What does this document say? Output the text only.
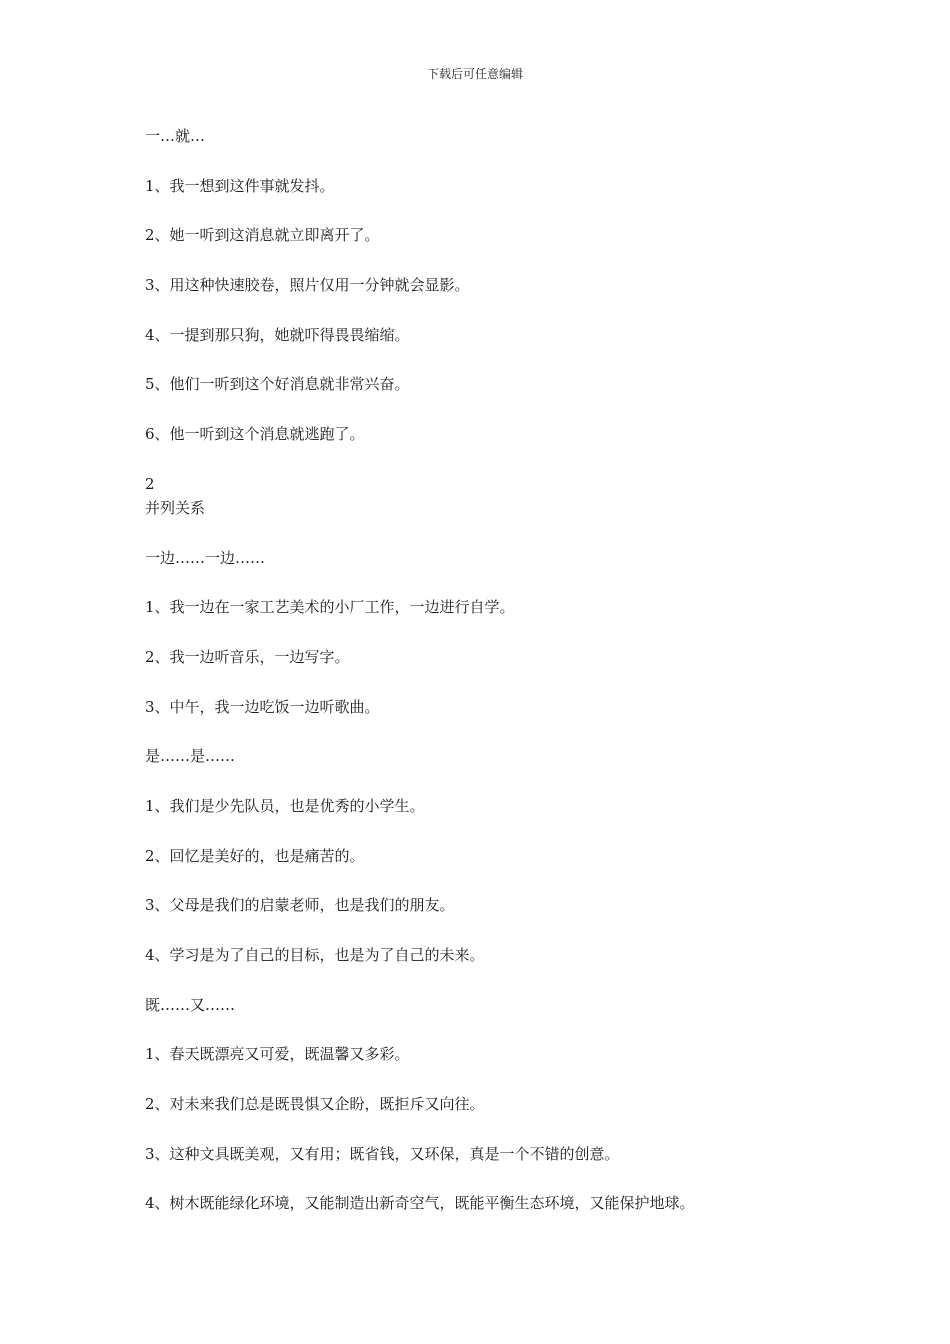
下载后可任意编辑
一…就…
1、我一想到这件事就发抖。
2、她一听到这消息就立即离开了。
3、用这种快速胶卷，照片仅用一分钟就会显影。
4、一提到那只狗，她就吓得畏畏缩缩。
5、他们一听到这个好消息就非常兴奋。
6、他一听到这个消息就逃跑了。
2
并列关系
一边……一边……
1、我一边在一家工艺美术的小厂工作，一边进行自学。
2、我一边听音乐，一边写字。
3、中午，我一边吃饭一边听歌曲。
是……是……
1、我们是少先队员，也是优秀的小学生。
2、回忆是美好的，也是痛苦的。
3、父母是我们的启蒙老师，也是我们的朋友。
4、学习是为了自己的目标，也是为了自己的未来。
既……又……
1、春天既漂亮又可爱，既温馨又多彩。
2、对未来我们总是既畏惧又企盼，既拒斥又向往。
3、这种文具既美观，又有用；既省钱，又环保，真是一个不错的创意。
4、树木既能绿化环境，又能制造出新奇空气，既能平衡生态环境，又能保护地球。
